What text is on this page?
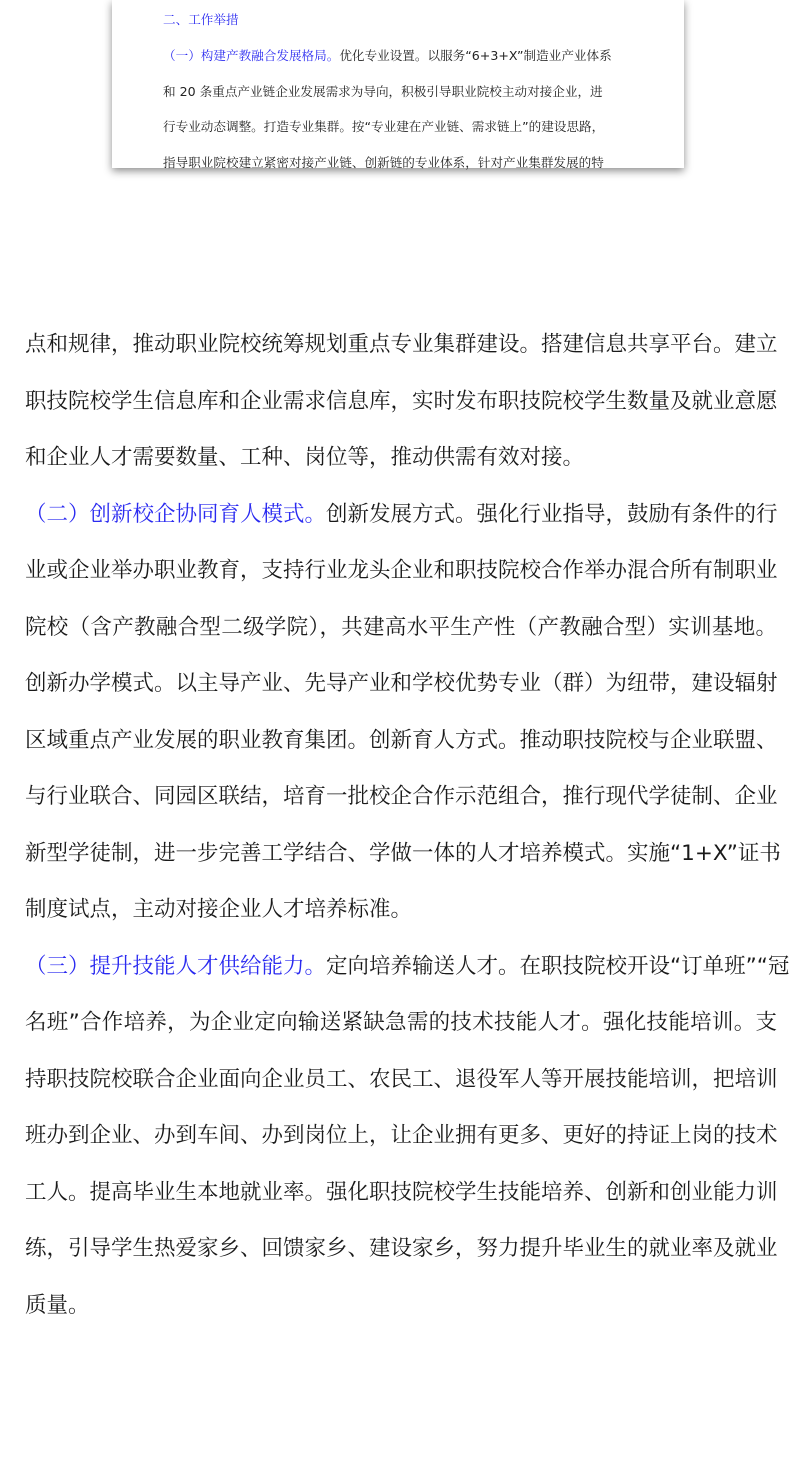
二、工作举措
（一）构建产教融合发展格局。优化专业设置。以服务“6+3+X”制造业产业体系
和 20 条重点产业链企业发展需求为导向，积极引导职业院校主动对接企业，进
行专业动态调整。打造专业集群。按“专业建在产业链、需求链上”的建设思路，
指导职业院校建立紧密对接产业链、创新链的专业体系，针对产业集群发展的特
点和规律，推动职业院校统筹规划重点专业集群建设。搭建信息共享平台。建立
职技院校学生信息库和企业需求信息库，实时发布职技院校学生数量及就业意愿
和企业人才需要数量、工种、岗位等，推动供需有效对接。
（二）创新校企协同育人模式。创新发展方式。强化行业指导，鼓励有条件的行
业或企业举办职业教育，支持行业龙头企业和职技院校合作举办混合所有制职业
院校（含产教融合型二级学院），共建高水平生产性（产教融合型）实训基地。
创新办学模式。以主导产业、先导产业和学校优势专业（群）为纽带，建设辐射
区域重点产业发展的职业教育集团。创新育人方式。推动职技院校与企业联盟、
与行业联合、同园区联结，培育一批校企合作示范组合，推行现代学徒制、企业
新型学徒制，进一步完善工学结合、学做一体的人才培养模式。实施“1+X”证书
制度试点，主动对接企业人才培养标准。
（三）提升技能人才供给能力。定向培养输送人才。在职技院校开设“订单班”“冠
名班”合作培养，为企业定向输送紧缺急需的技术技能人才。强化技能培训。支
持职技院校联合企业面向企业员工、农民工、退役军人等开展技能培训，把培训
班办到企业、办到车间、办到岗位上，让企业拥有更多、更好的持证上岗的技术
工人。提高毕业生本地就业率。强化职技院校学生技能培养、创新和创业能力训
练，引导学生热爱家乡、回馈家乡、建设家乡，努力提升毕业生的就业率及就业
质量。
